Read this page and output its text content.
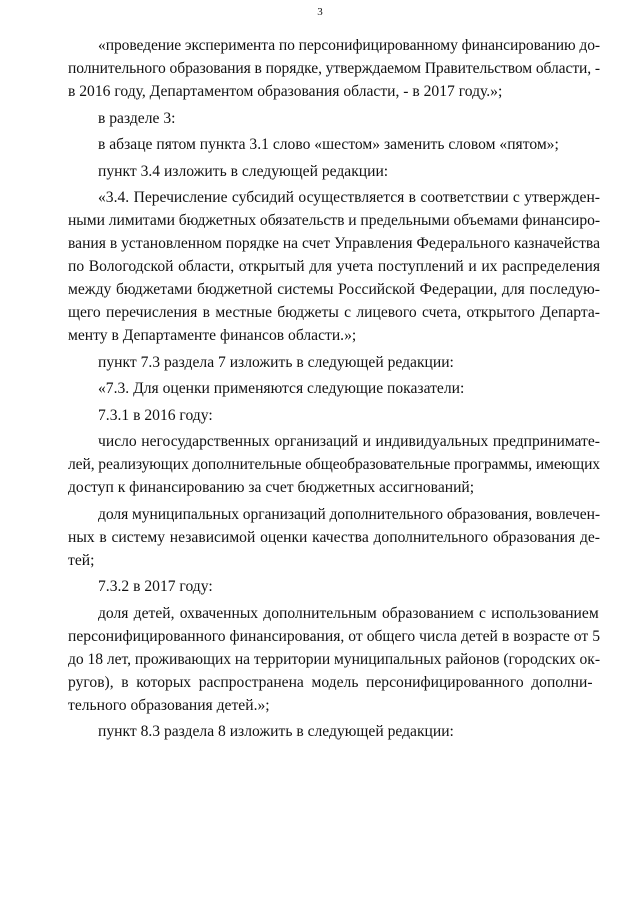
3

«проведение эксперимента по персонифицированному финансированию до-
полнительного образования в порядке, утверждаемом Правительством области, -
в 2016 году, Департаментом образования области, - в 2017 году.»;

в разделе 3:

в абзаце пятом пункта 3.1 слово «шестом» заменить словом «пятом»;

пункт 3.4 изложить в следующей редакции:

«3.4. Перечисление субсидий осуществляется в соответствии с утвержден-
ными лимитами бюджетных обязательств и предельными объемами финансиро-
вания в установленном порядке на счет Управления Федерального казначейства
по Вологодской области, открытый для учета поступлений и их распределения
между бюджетами бюджетной системы Российской Федерации, для последую-
щего перечисления в местные бюджеты с лицевого счета, открытого Департа-
менту в Департаменте финансов области.»;

пункт 7.3 раздела 7 изложить в следующей редакции:

«7.3. Для оценки применяются следующие показатели:

7.3.1 в 2016 году:

число негосударственных организаций и индивидуальных предпринимате-
лей, реализующих дополнительные общеобразовательные программы, имеющих
доступ к финансированию за счет бюджетных ассигнований;

доля муниципальных организаций дополнительного образования, вовлечен-
ных в систему независимой оценки качества дополнительного образования де-
тей;

7.3.2 в 2017 году:

доля детей, охваченных дополнительным образованием с использованием
персонифицированного финансирования, от общего числа детей в возрасте от 5
до 18 лет, проживающих на территории муниципальных районов (городских ок-
ругов), в которых распространена модель персонифицированного дополни-
тельного образования детей.»;

пункт 8.3 раздела 8 изложить в следующей редакции:
